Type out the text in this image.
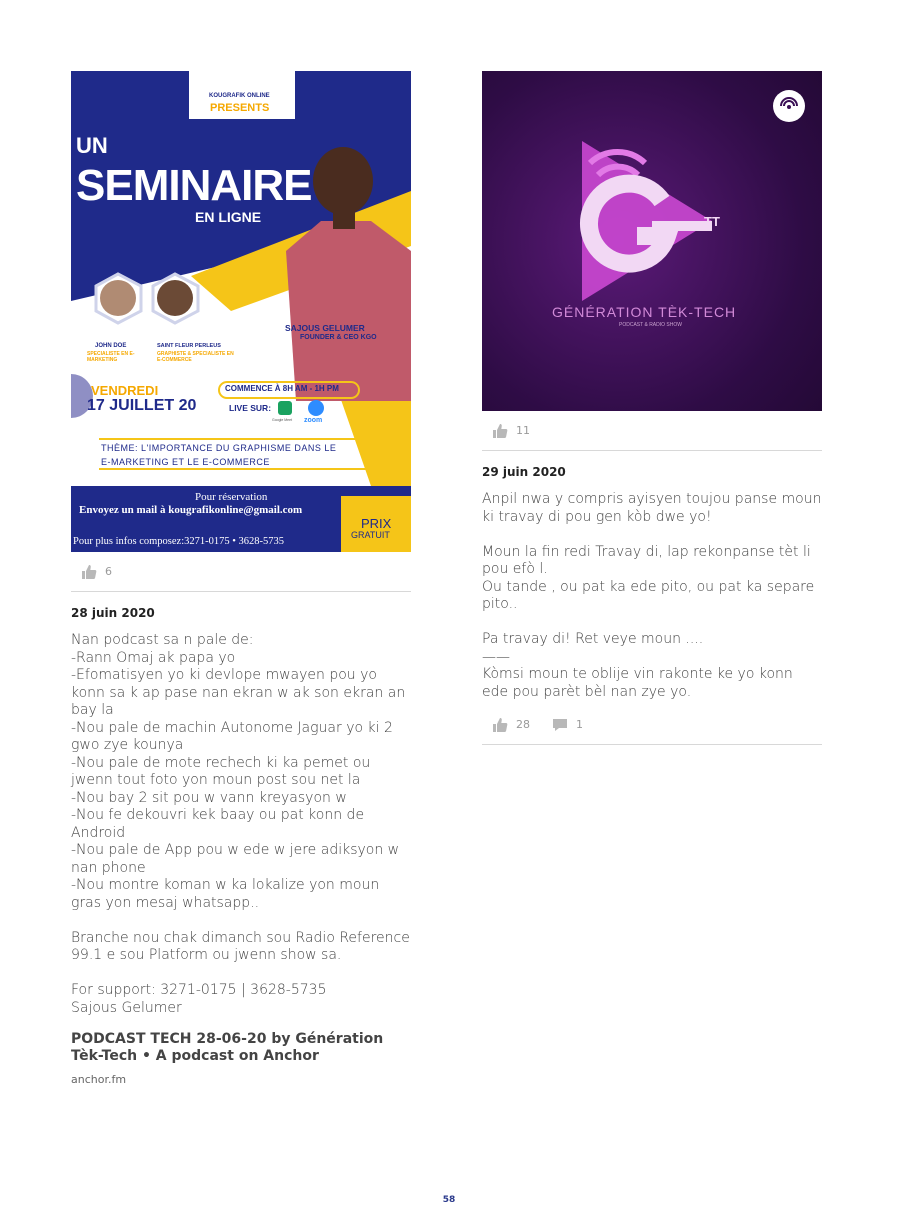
KOUGRAFIK ONLINE
PRESENTS
UN
SEMINAIRE
EN LIGNE
SAJOUS GELUMER
FOUNDER & CEO KGO
JOHN DOE
SPECIALISTE EN E-MARKETING
SAINT FLEUR PERLEUS
GRAPHISTE & SPECIALISTE EN E-COMMERCE
VENDREDI
17 JUILLET 20
COMMENCE À 8H AM - 1H PM
LIVE SUR:
Google Meet zoom
THÈME: L'IMPORTANCE DU GRAPHISME DANS LE
E-MARKETING ET LE E-COMMERCE
Pour réservation
Envoyez un mail à kougrafikonline@gmail.com
Pour plus infos composez:3271-0175 • 3628-5735
PRIX
GRATUIT
6
28 juin 2020
Nan podcast sa n pale de:
-Rann Omaj ak papa yo
-Efomatisyen yo ki devlope mwayen pou yo konn sa k ap pase nan ekran w ak son ekran an bay la
-Nou pale de machin Autonome Jaguar yo ki 2 gwo zye kounya
-Nou pale de mote rechech ki ka pemet ou jwenn tout foto yon moun post sou net la
-Nou bay 2 sit pou w vann kreyasyon w
-Nou fe dekouvri kek baay ou pat konn de Android
-Nou pale de App pou w ede w jere adiksyon w nan phone
-Nou montre koman w ka lokalize yon moun gras yon mesaj whatsapp..

Branche nou chak dimanch sou Radio Reference 99.1 e sou Platform ou jwenn show sa.

For support: 3271-0175 | 3628-5735
Sajous Gelumer
PODCAST TECH 28-06-20 by Génération Tèk-Tech • A podcast on Anchor
anchor.fm
TT
GÉNÉRATION TÈK-TECH
PODCAST & RADIO SHOW
11
29 juin 2020
Anpil nwa y compris ayisyen toujou panse moun ki travay di pou gen kòb dwe yo!

Moun la fin redi Travay di, lap rekonpanse tèt li pou efò l.
Ou tande , ou pat ka ede pito, ou pat ka separe pito..

Pa travay di! Ret veye moun ....
——
Kòmsi moun te oblije vin rakonte ke yo konn ede pou parèt bèl nan zye yo.
28	1
58
